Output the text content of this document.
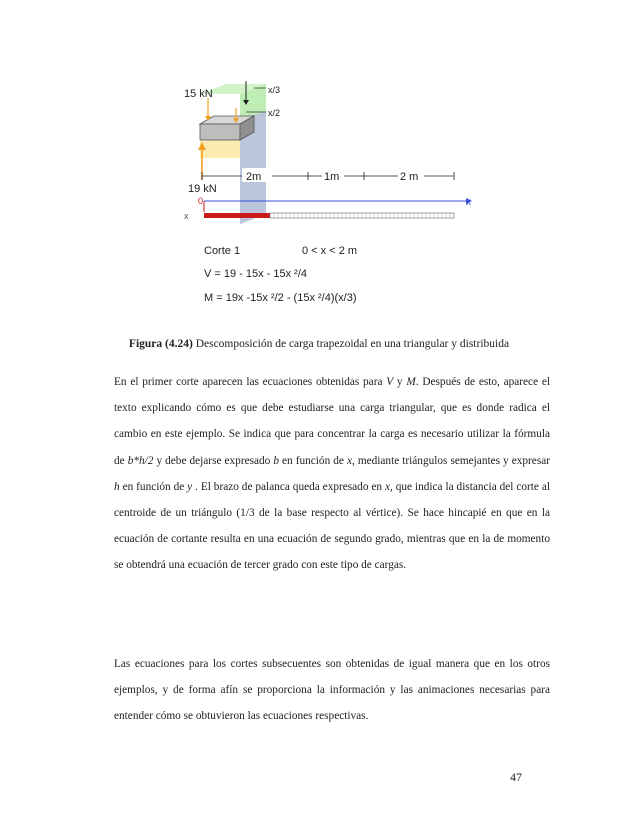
x/3
x/2
15 kN
19 kN
2m	1m	2 m
0	x
x
Corte 1	0 < x < 2 m
V = 19 - 15x - 15x ²/4
M = 19x -15x ²/2 - (15x ²/4)(x/3)
Figura (4.24) Descomposición de carga trapezoidal en una triangular y distribuida

En el primer corte aparecen las ecuaciones obtenidas para V y M. Después de esto, aparece el texto explicando cómo es que debe estudiarse una carga triangular, que es donde radica el cambio en este ejemplo. Se indica que para concentrar la carga es necesario utilizar la fórmula de b*h/2 y debe dejarse expresado b en función de x, mediante triángulos semejantes y expresar h en función de y . El brazo de palanca queda expresado en x, que indica la distancia del corte al centroide de un triángulo (1/3 de la base respecto al vértice). Se hace hincapié en que en la ecuación de cortante resulta en una ecuación de segundo grado, mientras que en la de momento se obtendrá una ecuación de tercer grado con este tipo de cargas.

Las ecuaciones para los cortes subsecuentes son obtenidas de igual manera que en los otros ejemplos, y de forma afín se proporciona la información y las animaciones necesarias para entender cómo se obtuvieron las ecuaciones respectivas.

47
